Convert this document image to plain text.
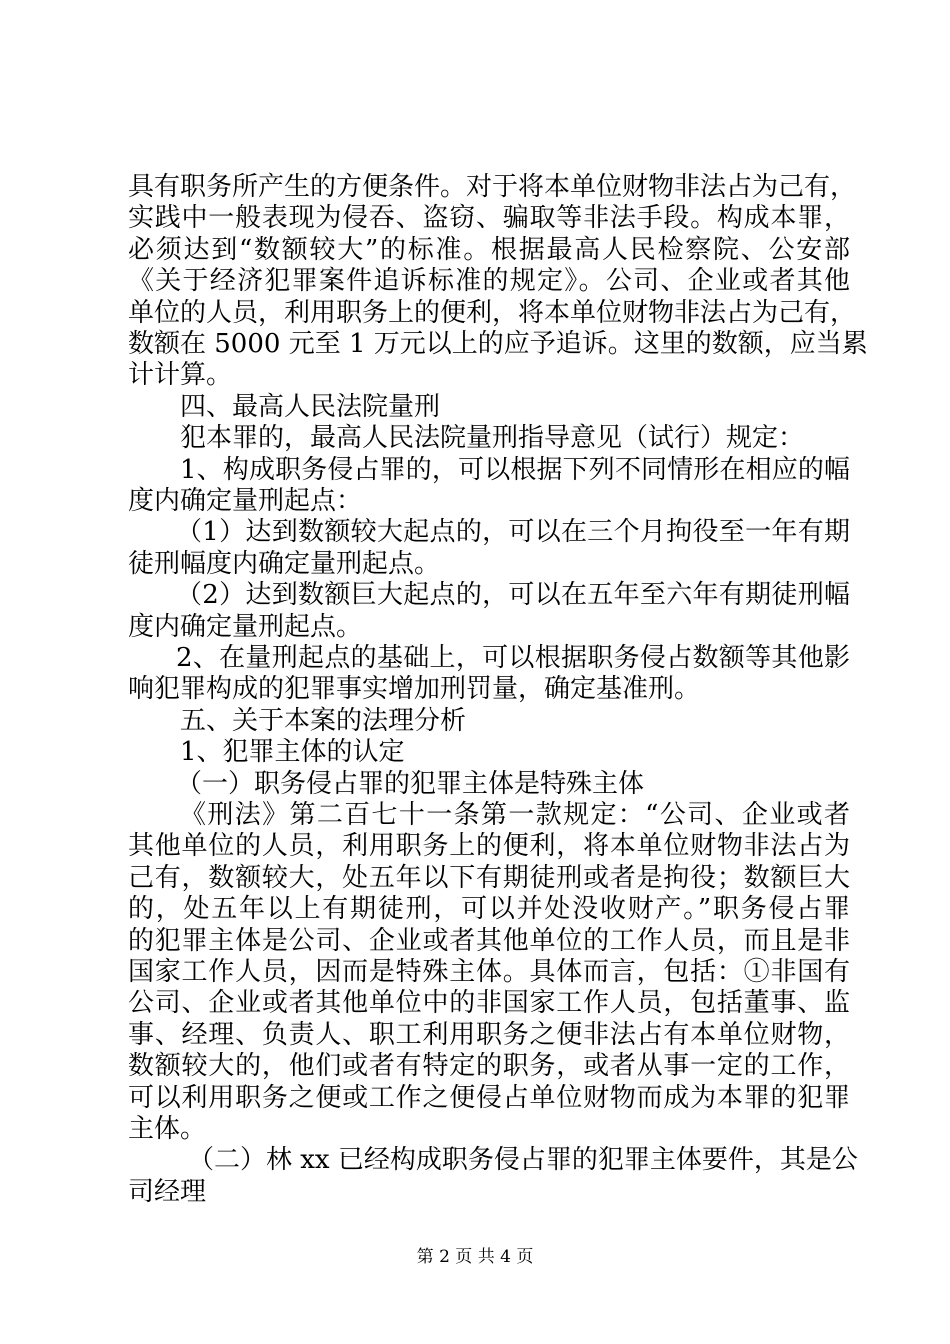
具有职务所产生的方便条件。对于将本单位财物非法占为己有，
实践中一般表现为侵吞、盗窃、骗取等非法手段。构成本罪，
必须达到“数额较大”的标准。根据最高人民检察院、公安部
《关于经济犯罪案件追诉标准的规定》。公司、企业或者其他
单位的人员，利用职务上的便利，将本单位财物非法占为己有，
数额在 5000 元至 1 万元以上的应予追诉。这里的数额，应当累
计计算。
四、最高人民法院量刑
犯本罪的，最高人民法院量刑指导意见（试行）规定：
1、构成职务侵占罪的，可以根据下列不同情形在相应的幅
度内确定量刑起点：
（1）达到数额较大起点的，可以在三个月拘役至一年有期
徒刑幅度内确定量刑起点。
（2）达到数额巨大起点的，可以在五年至六年有期徒刑幅
度内确定量刑起点。
2、在量刑起点的基础上，可以根据职务侵占数额等其他影
响犯罪构成的犯罪事实增加刑罚量，确定基准刑。
五、关于本案的法理分析
1、犯罪主体的认定
（一）职务侵占罪的犯罪主体是特殊主体
《刑法》第二百七十一条第一款规定：“公司、企业或者
其他单位的人员，利用职务上的便利，将本单位财物非法占为
己有，数额较大，处五年以下有期徒刑或者是拘役；数额巨大
的，处五年以上有期徒刑，可以并处没收财产。”职务侵占罪
的犯罪主体是公司、企业或者其他单位的工作人员，而且是非
国家工作人员，因而是特殊主体。具体而言，包括：①非国有
公司、企业或者其他单位中的非国家工作人员，包括董事、监
事、经理、负责人、职工利用职务之便非法占有本单位财物，
数额较大的，他们或者有特定的职务，或者从事一定的工作，
可以利用职务之便或工作之便侵占单位财物而成为本罪的犯罪
主体。
（二）林 xx 已经构成职务侵占罪的犯罪主体要件，其是公
司经理
第 2 页 共 4 页
